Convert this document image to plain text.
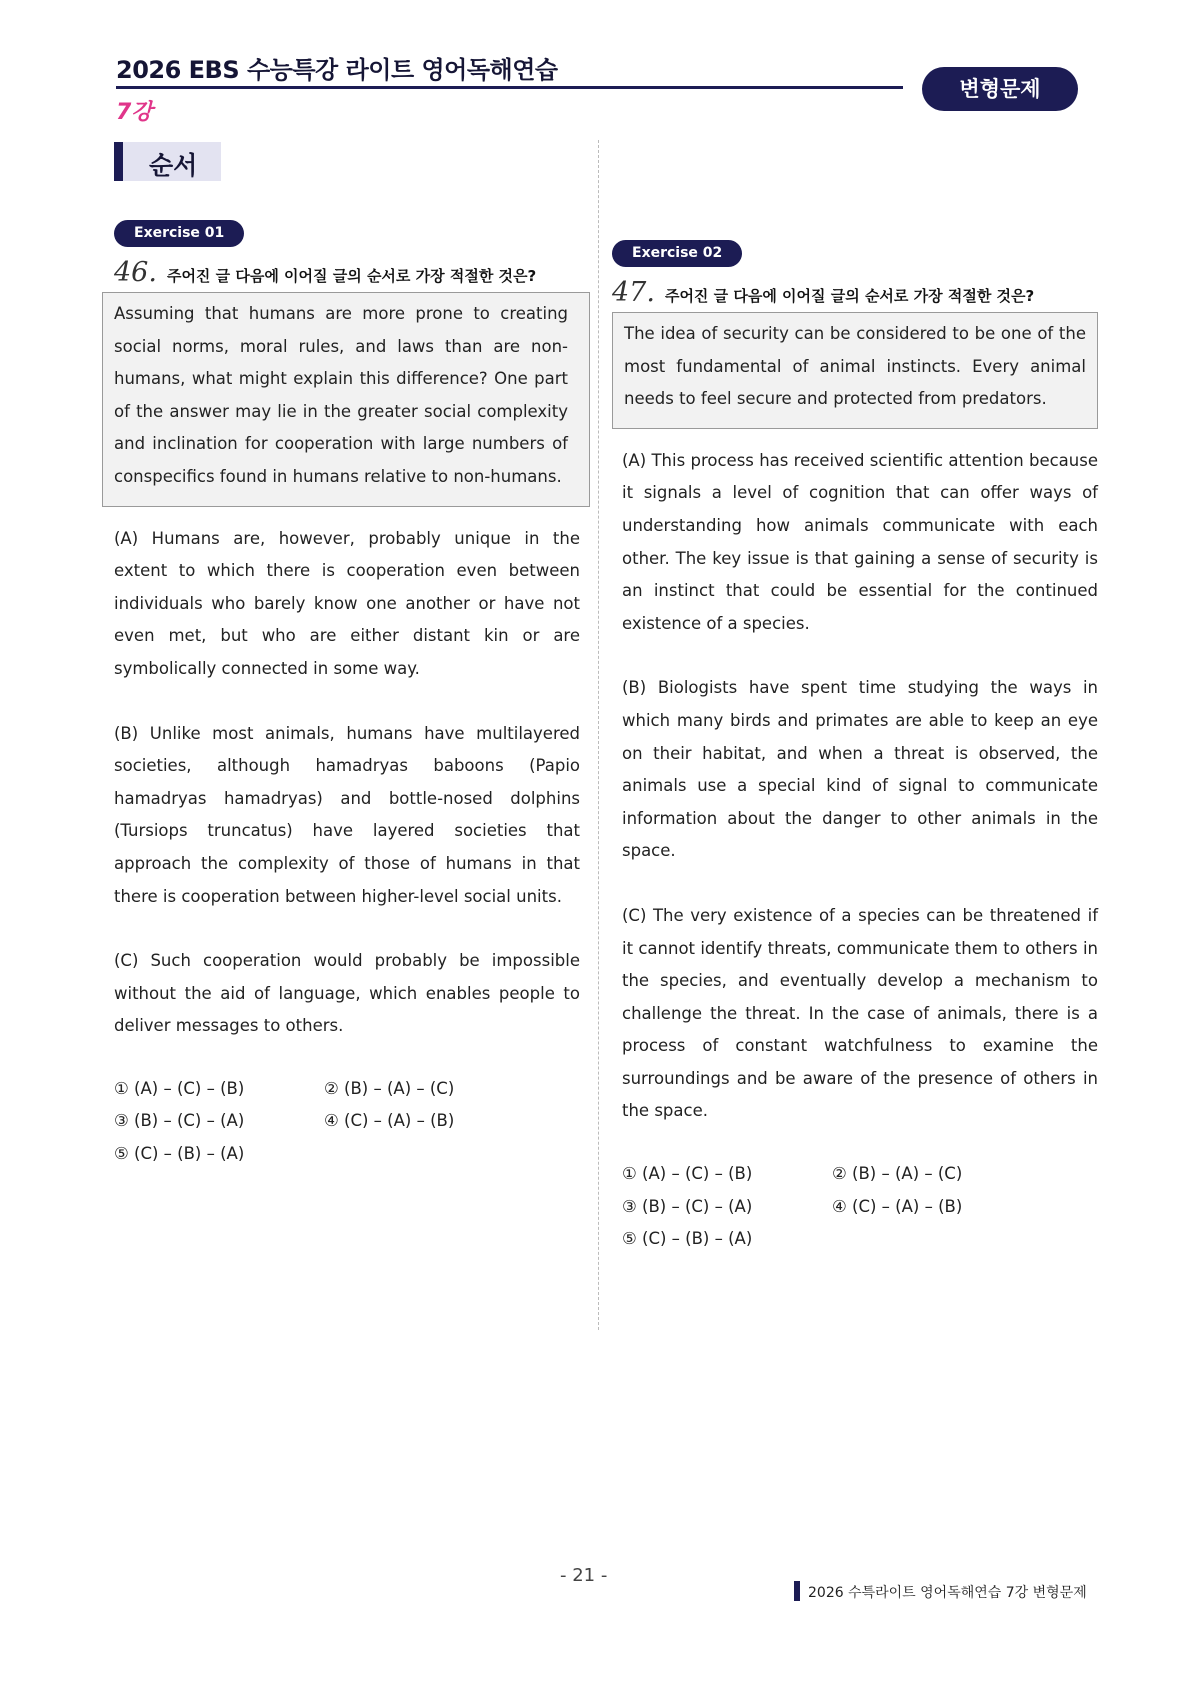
2026 EBS 수능특강 라이트 영어독해연습
7강
변형문제
순서
Exercise 01
46. 주어진 글 다음에 이어질 글의 순서로 가장 적절한 것은?
Assuming that humans are more prone to creating social norms, moral rules, and laws than are non-humans, what might explain this difference? One part of the answer may lie in the greater social complexity and inclination for cooperation with large numbers of conspecifics found in humans relative to non-humans.
(A) Humans are, however, probably unique in the extent to which there is cooperation even between individuals who barely know one another or have not even met, but who are either distant kin or are symbolically connected in some way.
(B) Unlike most animals, humans have multilayered societies, although hamadryas baboons (Papio hamadryas hamadryas) and bottle-nosed dolphins (Tursiops truncatus) have layered societies that approach the complexity of those of humans in that there is cooperation between higher-level social units.
(C) Such cooperation would probably be impossible without the aid of language, which enables people to deliver messages to others.
① (A) – (C) – (B)	② (B) – (A) – (C)
③ (B) – (C) – (A)	④ (C) – (A) – (B)
⑤ (C) – (B) – (A)
Exercise 02
47. 주어진 글 다음에 이어질 글의 순서로 가장 적절한 것은?
The idea of security can be considered to be one of the most fundamental of animal instincts. Every animal needs to feel secure and protected from predators.
(A) This process has received scientific attention because it signals a level of cognition that can offer ways of understanding how animals communicate with each other. The key issue is that gaining a sense of security is an instinct that could be essential for the continued existence of a species.
(B) Biologists have spent time studying the ways in which many birds and primates are able to keep an eye on their habitat, and when a threat is observed, the animals use a special kind of signal to communicate information about the danger to other animals in the space.
(C) The very existence of a species can be threatened if it cannot identify threats, communicate them to others in the species, and eventually develop a mechanism to challenge the threat. In the case of animals, there is a process of constant watchfulness to examine the surroundings and be aware of the presence of others in the space.
① (A) – (C) – (B)	② (B) – (A) – (C)
③ (B) – (C) – (A)	④ (C) – (A) – (B)
⑤ (C) – (B) – (A)
- 21 -
2026 수특라이트 영어독해연습 7강 변형문제
